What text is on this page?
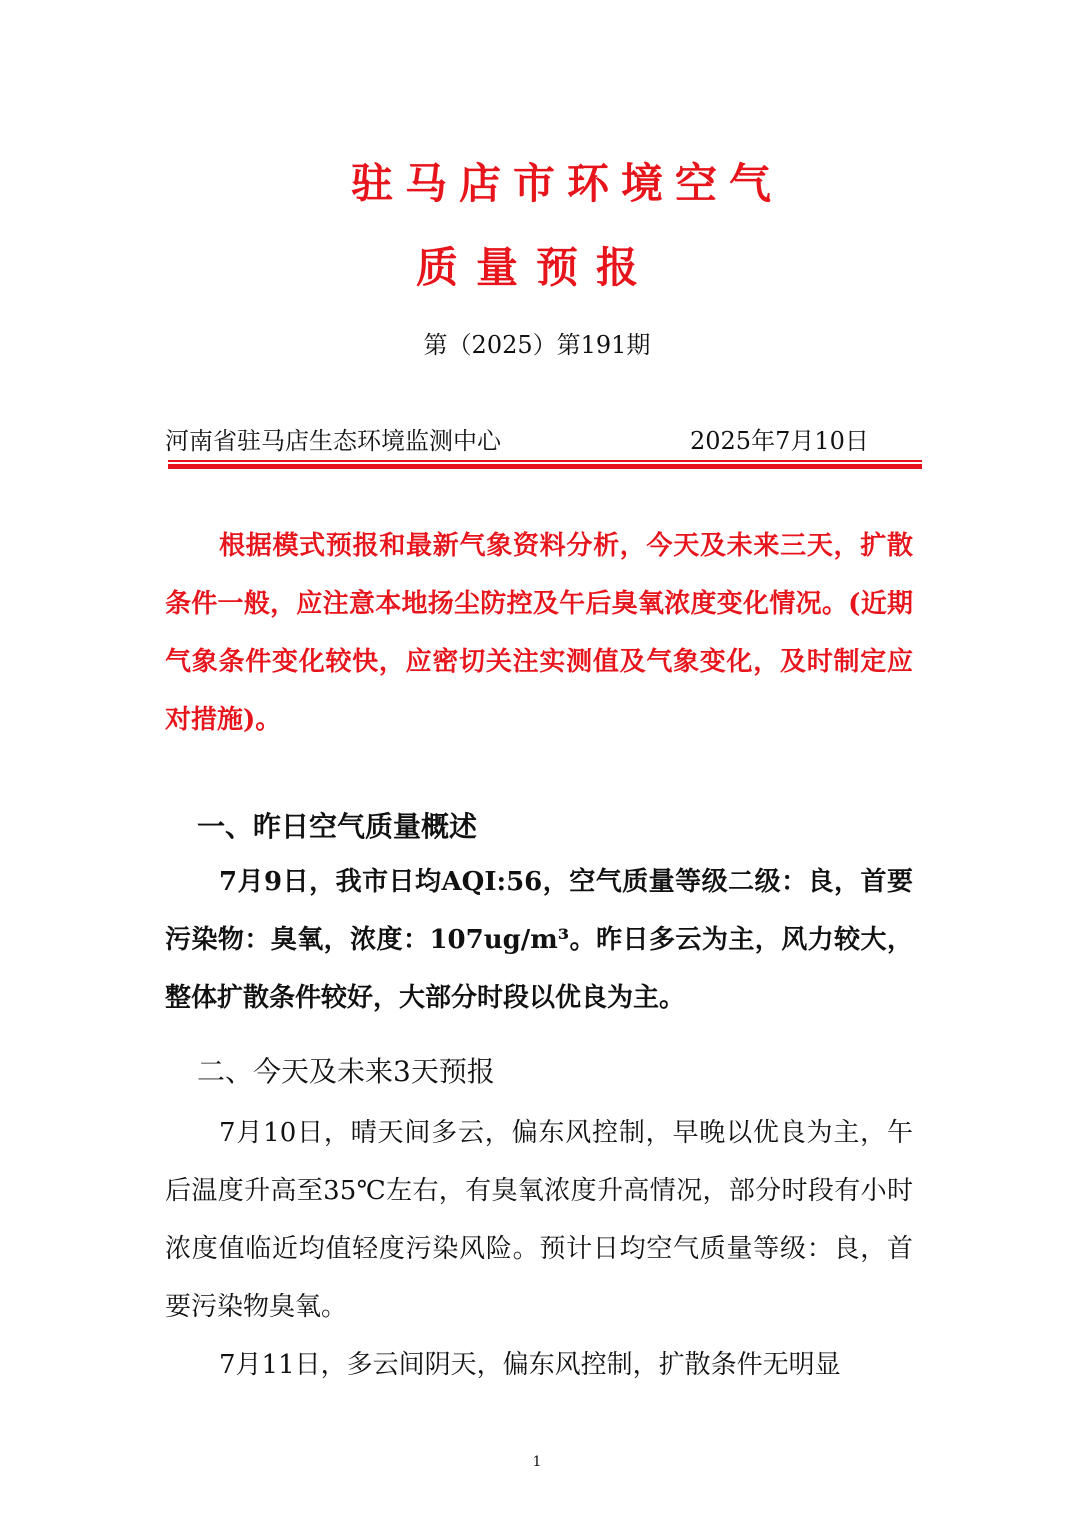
驻马店市环境空气
质量预报
第（2025）第191期
河南省驻马店生态环境监测中心	2025年7月10日

根据模式预报和最新气象资料分析，今天及未来三天，扩散条件一般，应注意本地扬尘防控及午后臭氧浓度变化情况。(近期气象条件变化较快，应密切关注实测值及气象变化，及时制定应对措施)。

一、昨日空气质量概述

7月9日，我市日均AQI:56，空气质量等级二级：良，首要污染物：臭氧，浓度：107ug/m³。昨日多云为主，风力较大，整体扩散条件较好，大部分时段以优良为主。

二、今天及未来3天预报

7月10日，晴天间多云，偏东风控制，早晚以优良为主，午后温度升高至35℃左右，有臭氧浓度升高情况，部分时段有小时浓度值临近均值轻度污染风险。预计日均空气质量等级：良，首要污染物臭氧。

7月11日，多云间阴天，偏东风控制，扩散条件无明显

1
